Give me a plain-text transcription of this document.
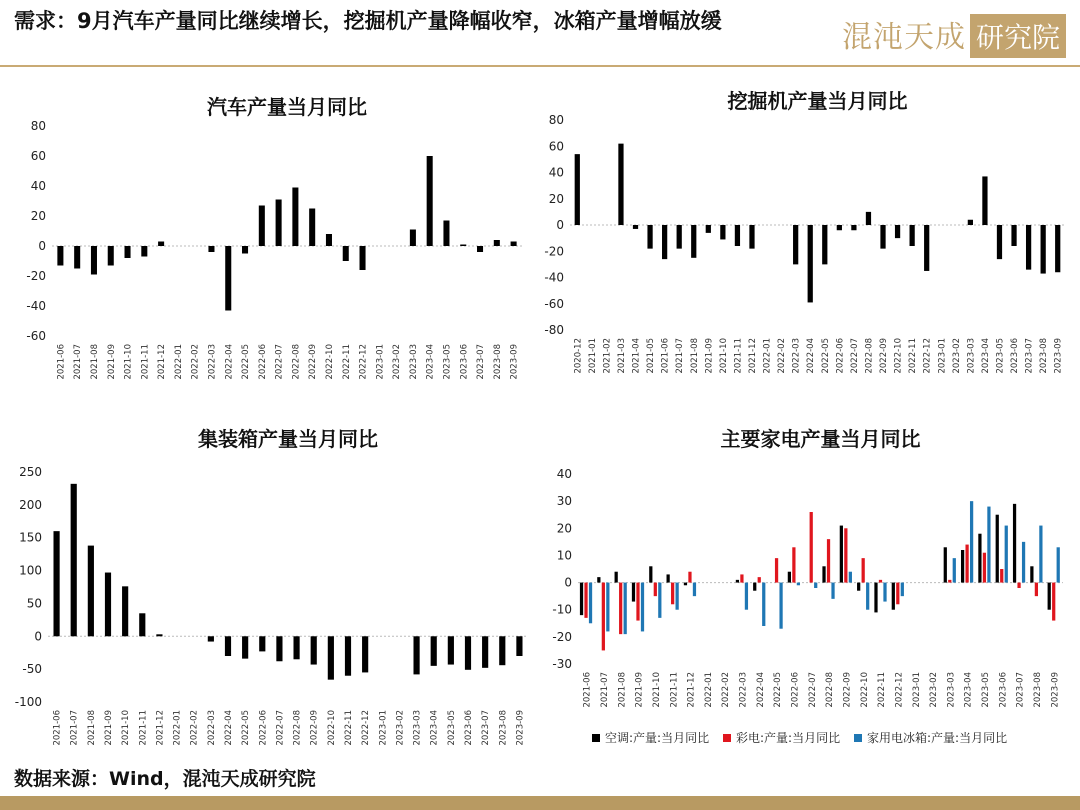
需求：9月汽车产量同比继续增长，挖掘机产量降幅收窄，冰箱产量增幅放缓	混沌天成 研究院
汽车产量当月同比
-60
-40
-20
0
20
40
60
80
2021-06 2021-07 2021-08 2021-09 2021-10 2021-11 2021-12 2022-01 2022-02 2022-03 2022-04 2022-05 2022-06 2022-07 2022-08 2022-09 2022-10 2022-11 2022-12 2023-01 2023-02 2023-03 2023-04 2023-05 2023-06 2023-07 2023-08 2023-09
挖掘机产量当月同比
-80
-60
-40
-20
0
20
40
60
80
2020-12 2021-01 2021-02 2021-03 2021-04 2021-05 2021-06 2021-07 2021-08 2021-09 2021-10 2021-11 2021-12 2022-01 2022-02 2022-03 2022-04 2022-05 2022-06 2022-07 2022-08 2022-09 2022-10 2022-11 2022-12 2023-01 2023-02 2023-03 2023-04 2023-05 2023-06 2023-07 2023-08 2023-09
集装箱产量当月同比
-100
-50
0
50
100
150
200
250
2021-06 2021-07 2021-08 2021-09 2021-10 2021-11 2021-12 2022-01 2022-02 2022-03 2022-04 2022-05 2022-06 2022-07 2022-08 2022-09 2022-10 2022-11 2022-12 2023-01 2023-02 2023-03 2023-04 2023-05 2023-06 2023-07 2023-08 2023-09
主要家电产量当月同比
-30
-20
-10
0
10
20
30
40
2021-06 2021-07 2021-08 2021-09 2021-10 2021-11 2021-12 2022-01 2022-02 2022-03 2022-04 2022-05 2022-06 2022-07 2022-08 2022-09 2022-10 2022-11 2022-12 2023-01 2023-02 2023-03 2023-04 2023-05 2023-06 2023-07 2023-08 2023-09
空调:产量:当月同比 彩电:产量:当月同比 家用电冰箱:产量:当月同比
数据来源：Wind，混沌天成研究院
